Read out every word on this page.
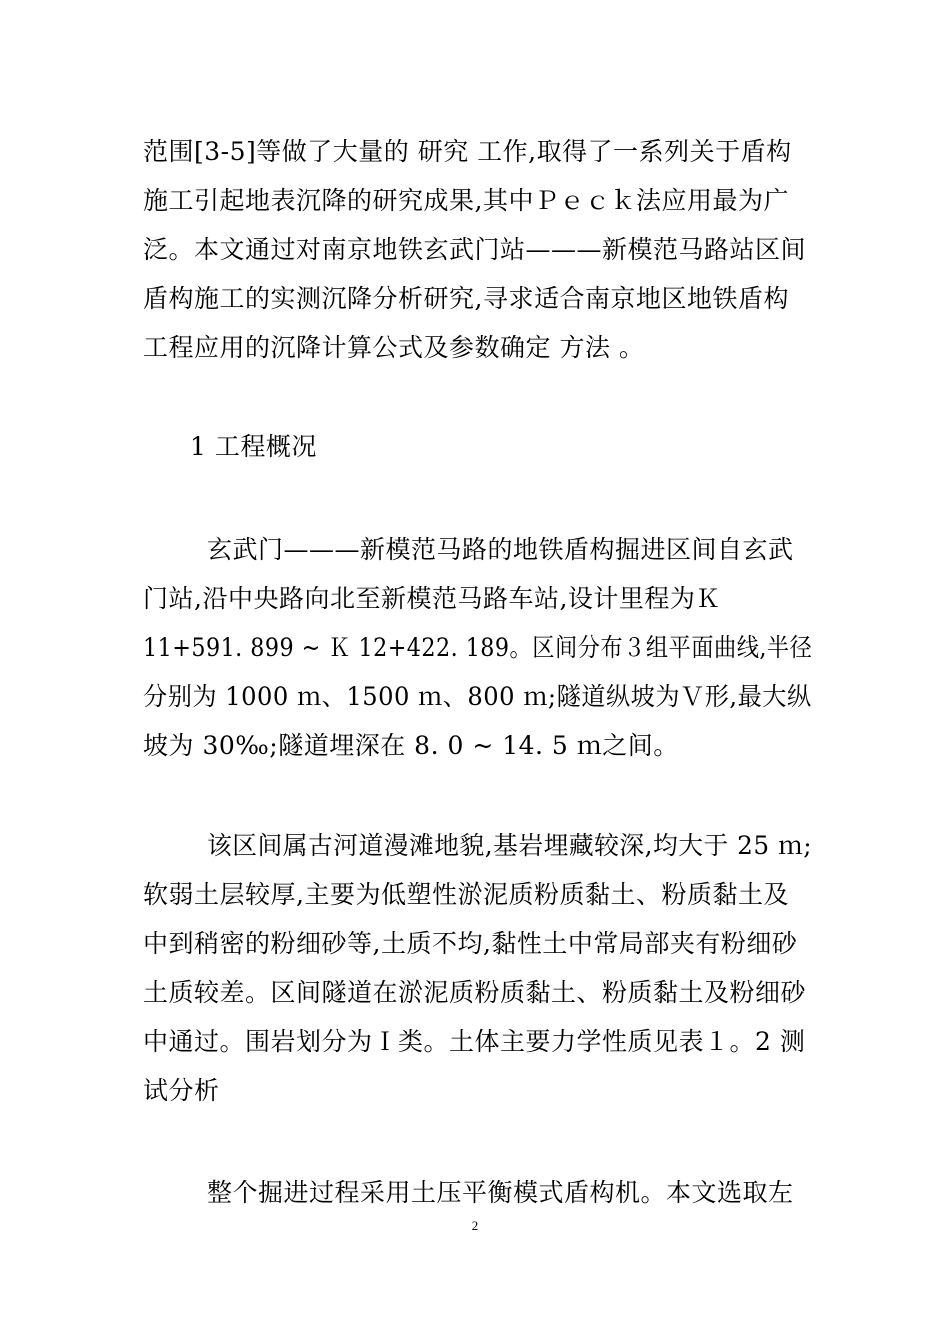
范围[3-5]等做了大量的 研究 工作,取得了一系列关于盾构
施工引起地表沉降的研究成果,其中Ｐｅｃｋ法应用最为广
泛。本文通过对南京地铁玄武门站———新模范马路站区间
盾构施工的实测沉降分析研究,寻求适合南京地区地铁盾构
工程应用的沉降计算公式及参数确定 方法 。
1 工程概况
玄武门———新模范马路的地铁盾构掘进区间自玄武
门站,沿中央路向北至新模范马路车站,设计里程为Ｋ
11+591. 899 ~ Ｋ 12+422. 189。区间分布３组平面曲线,半径
分别为 1000 ｍ、1500 ｍ、800 ｍ;隧道纵坡为Ｖ形,最大纵
坡为 30‰;隧道埋深在 8. 0 ~ 14. 5 ｍ之间。
该区间属古河道漫滩地貌,基岩埋藏较深,均大于 25 ｍ;
软弱土层较厚,主要为低塑性淤泥质粉质黏土、粉质黏土及
中到稍密的粉细砂等,土质不均,黏性土中常局部夹有粉细砂
土质较差。区间隧道在淤泥质粉质黏土、粉质黏土及粉细砂
中通过。围岩划分为Ｉ类。土体主要力学性质见表１。2 测
试分析
整个掘进过程采用土压平衡模式盾构机。本文选取左
2
